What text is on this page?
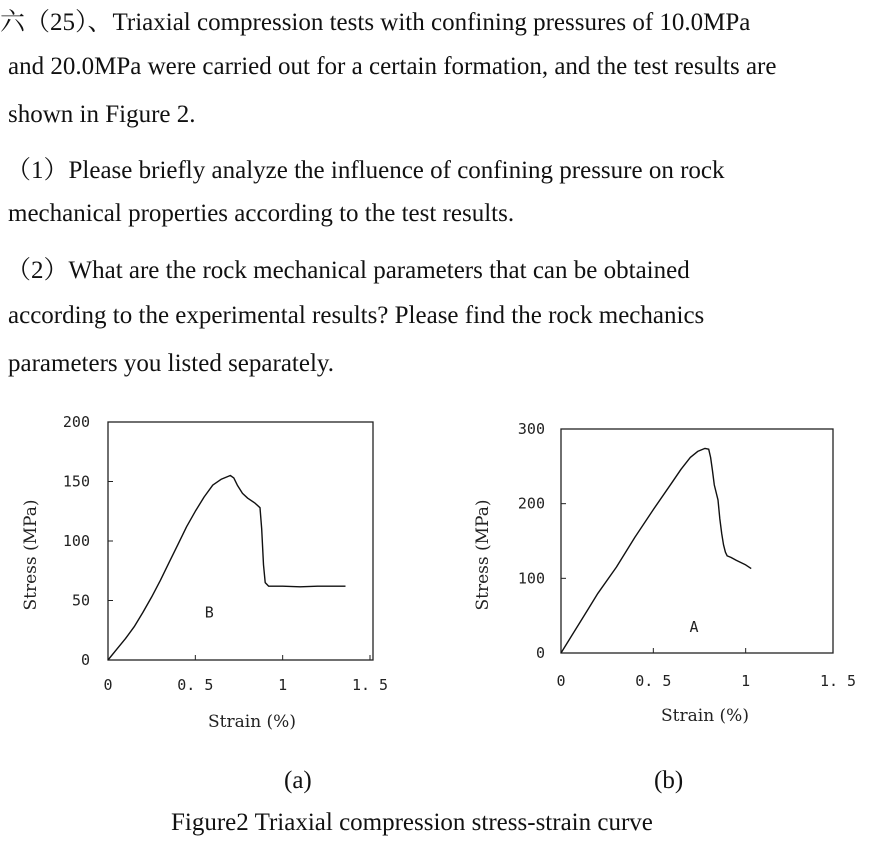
六（25）、Triaxial compression tests with confining pressures of 10.0MPa
and 20.0MPa were carried out for a certain formation, and the test results are
shown in Figure 2.
（1）Please briefly analyze the influence of confining pressure on rock
mechanical properties according to the test results.
（2）What are the rock mechanical parameters that can be obtained
according to the experimental results? Please find the rock mechanics
parameters you listed separately.
0
50
100
150
200
0	0. 5	1	1. 5
Strain (%)
Stress (MPa)
B
0
100
200
300
0	0. 5	1	1. 5
Strain (%)
Stress (MPa)
A
(a)	(b)
Figure2 Triaxial compression stress-strain curve
